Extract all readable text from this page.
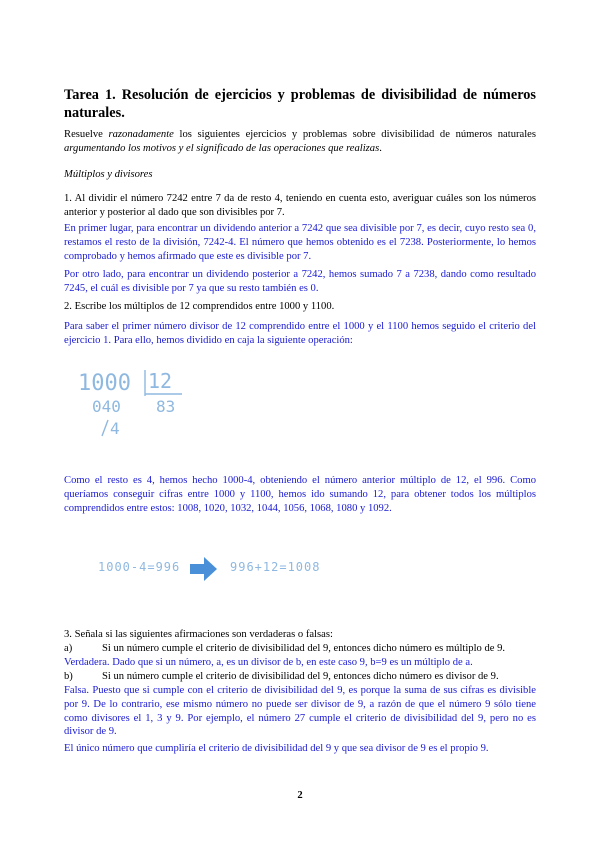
Tarea 1. Resolución de ejercicios y problemas de divisibilidad de números naturales.
Resuelve razonadamente los siguientes ejercicios y problemas sobre divisibilidad de números naturales argumentando los motivos y el significado de las operaciones que realizas.
Múltiplos y divisores
1. Al dividir el número 7242 entre 7 da de resto 4, teniendo en cuenta esto, averiguar cuáles son los números anterior y posterior al dado que son divisibles por 7.
En primer lugar, para encontrar un dividendo anterior a 7242 que sea divisible por 7, es decir, cuyo resto sea 0, restamos el resto de la división, 7242-4. El número que hemos obtenido es el 7238. Posteriormente, lo hemos comprobado y hemos afirmado que este es divisible por 7.
Por otro lado, para encontrar un dividendo posterior a 7242, hemos sumado 7 a 7238, dando como resultado 7245, el cuál es divisible por 7 ya que su resto también es 0.
2. Escribe los múltiplos de 12 comprendidos entre 1000 y 1100.
Para saber el primer número divisor de 12 comprendido entre el 1000 y el 1100 hemos seguido el criterio del ejercicio 1. Para ello, hemos dividido en caja la siguiente operación:
1000 12
040 83
4
Como el resto es 4, hemos hecho 1000-4, obteniendo el número anterior múltiplo de 12, el 996. Como queríamos conseguir cifras entre 1000 y 1100, hemos ido sumando 12, para obtener todos los múltiplos comprendidos entre estos: 1008, 1020, 1032, 1044, 1056, 1068, 1080 y 1092.
1000-4=996	996+12=1008
3. Señala si las siguientes afirmaciones son verdaderas o falsas:
a)	Si un número cumple el criterio de divisibilidad del 9, entonces dicho número es múltiplo de 9.
Verdadera. Dado que si un número, a, es un divisor de b, en este caso 9, b=9 es un múltiplo de a.
b)	Si un número cumple el criterio de divisibilidad del 9, entonces dicho número es divisor de 9.
Falsa. Puesto que si cumple con el criterio de divisibilidad del 9, es porque la suma de sus cifras es divisible por 9. De lo contrario, ese mismo número no puede ser divisor de 9, a razón de que el número 9 sólo tiene como divisores el 1, 3 y 9. Por ejemplo, el número 27 cumple el criterio de divisibilidad del 9, pero no es divisor de 9.
El único número que cumpliría el criterio de divisibilidad del 9 y que sea divisor de 9 es el propio 9.
2
